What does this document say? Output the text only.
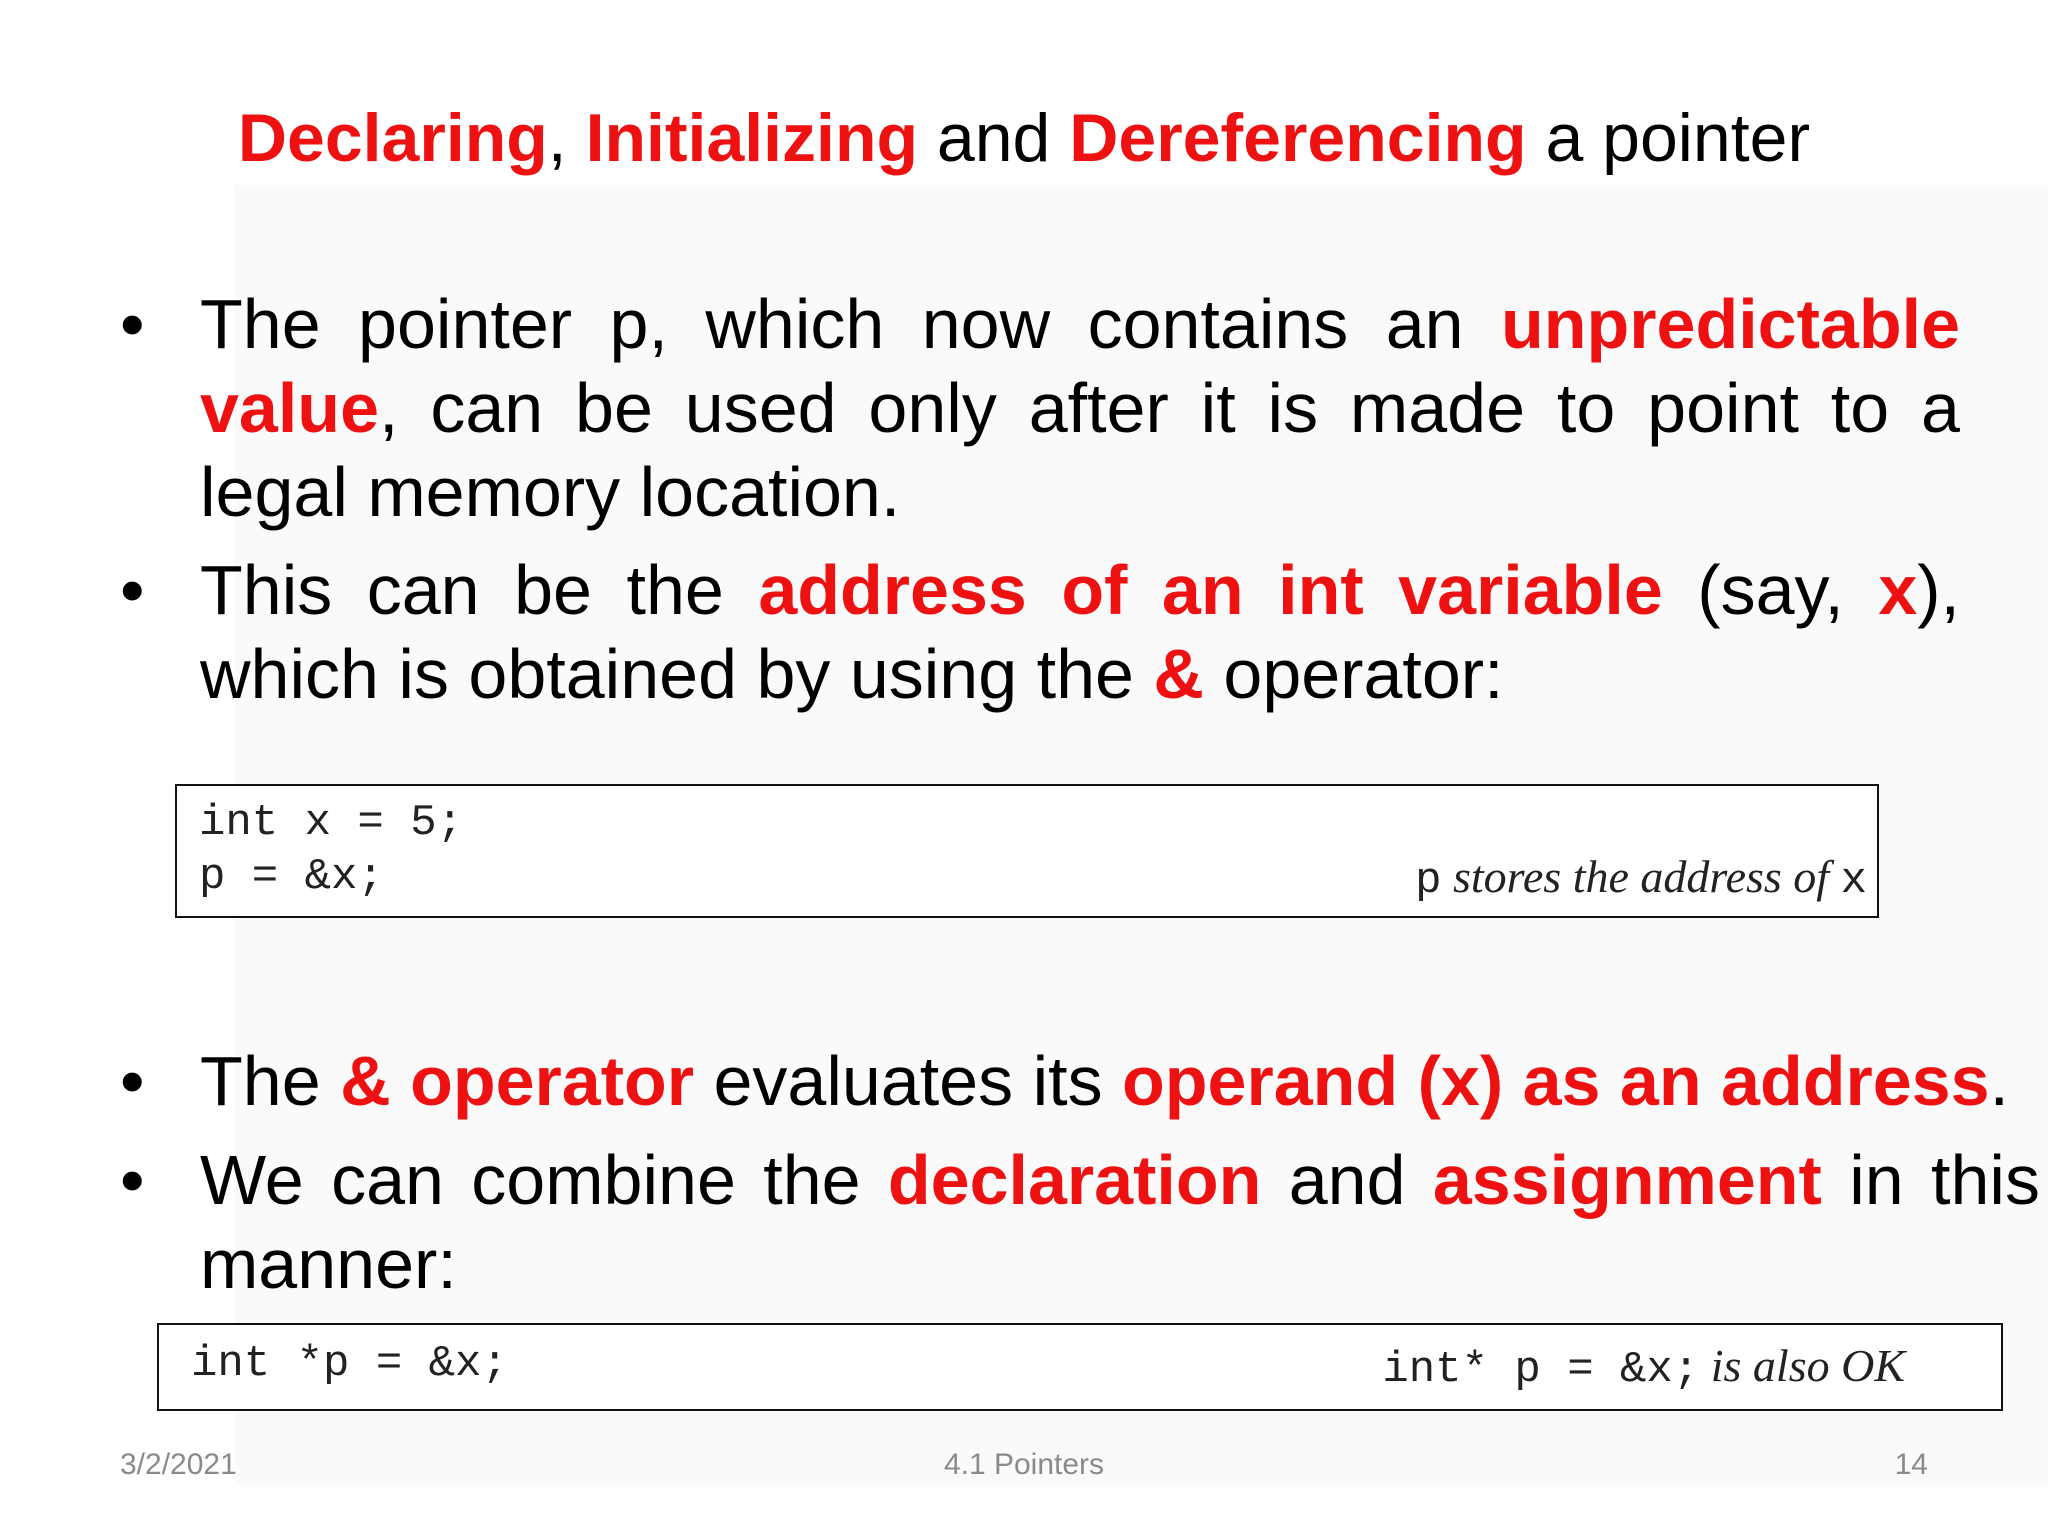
Declaring, Initializing and Dereferencing a pointer
• The pointer p, which now contains an unpredictable value, can be used only after it is made to point to a legal memory location.
• This can be the address of an int variable (say, x), which is obtained by using the & operator:
int x = 5;
p = &x;	p stores the address of x
• The & operator evaluates its operand (x) as an address.
• We can combine the declaration and assignment in this manner:
int *p = &x;	int* p = &x; is also OK
3/2/2021	4.1 Pointers	14
